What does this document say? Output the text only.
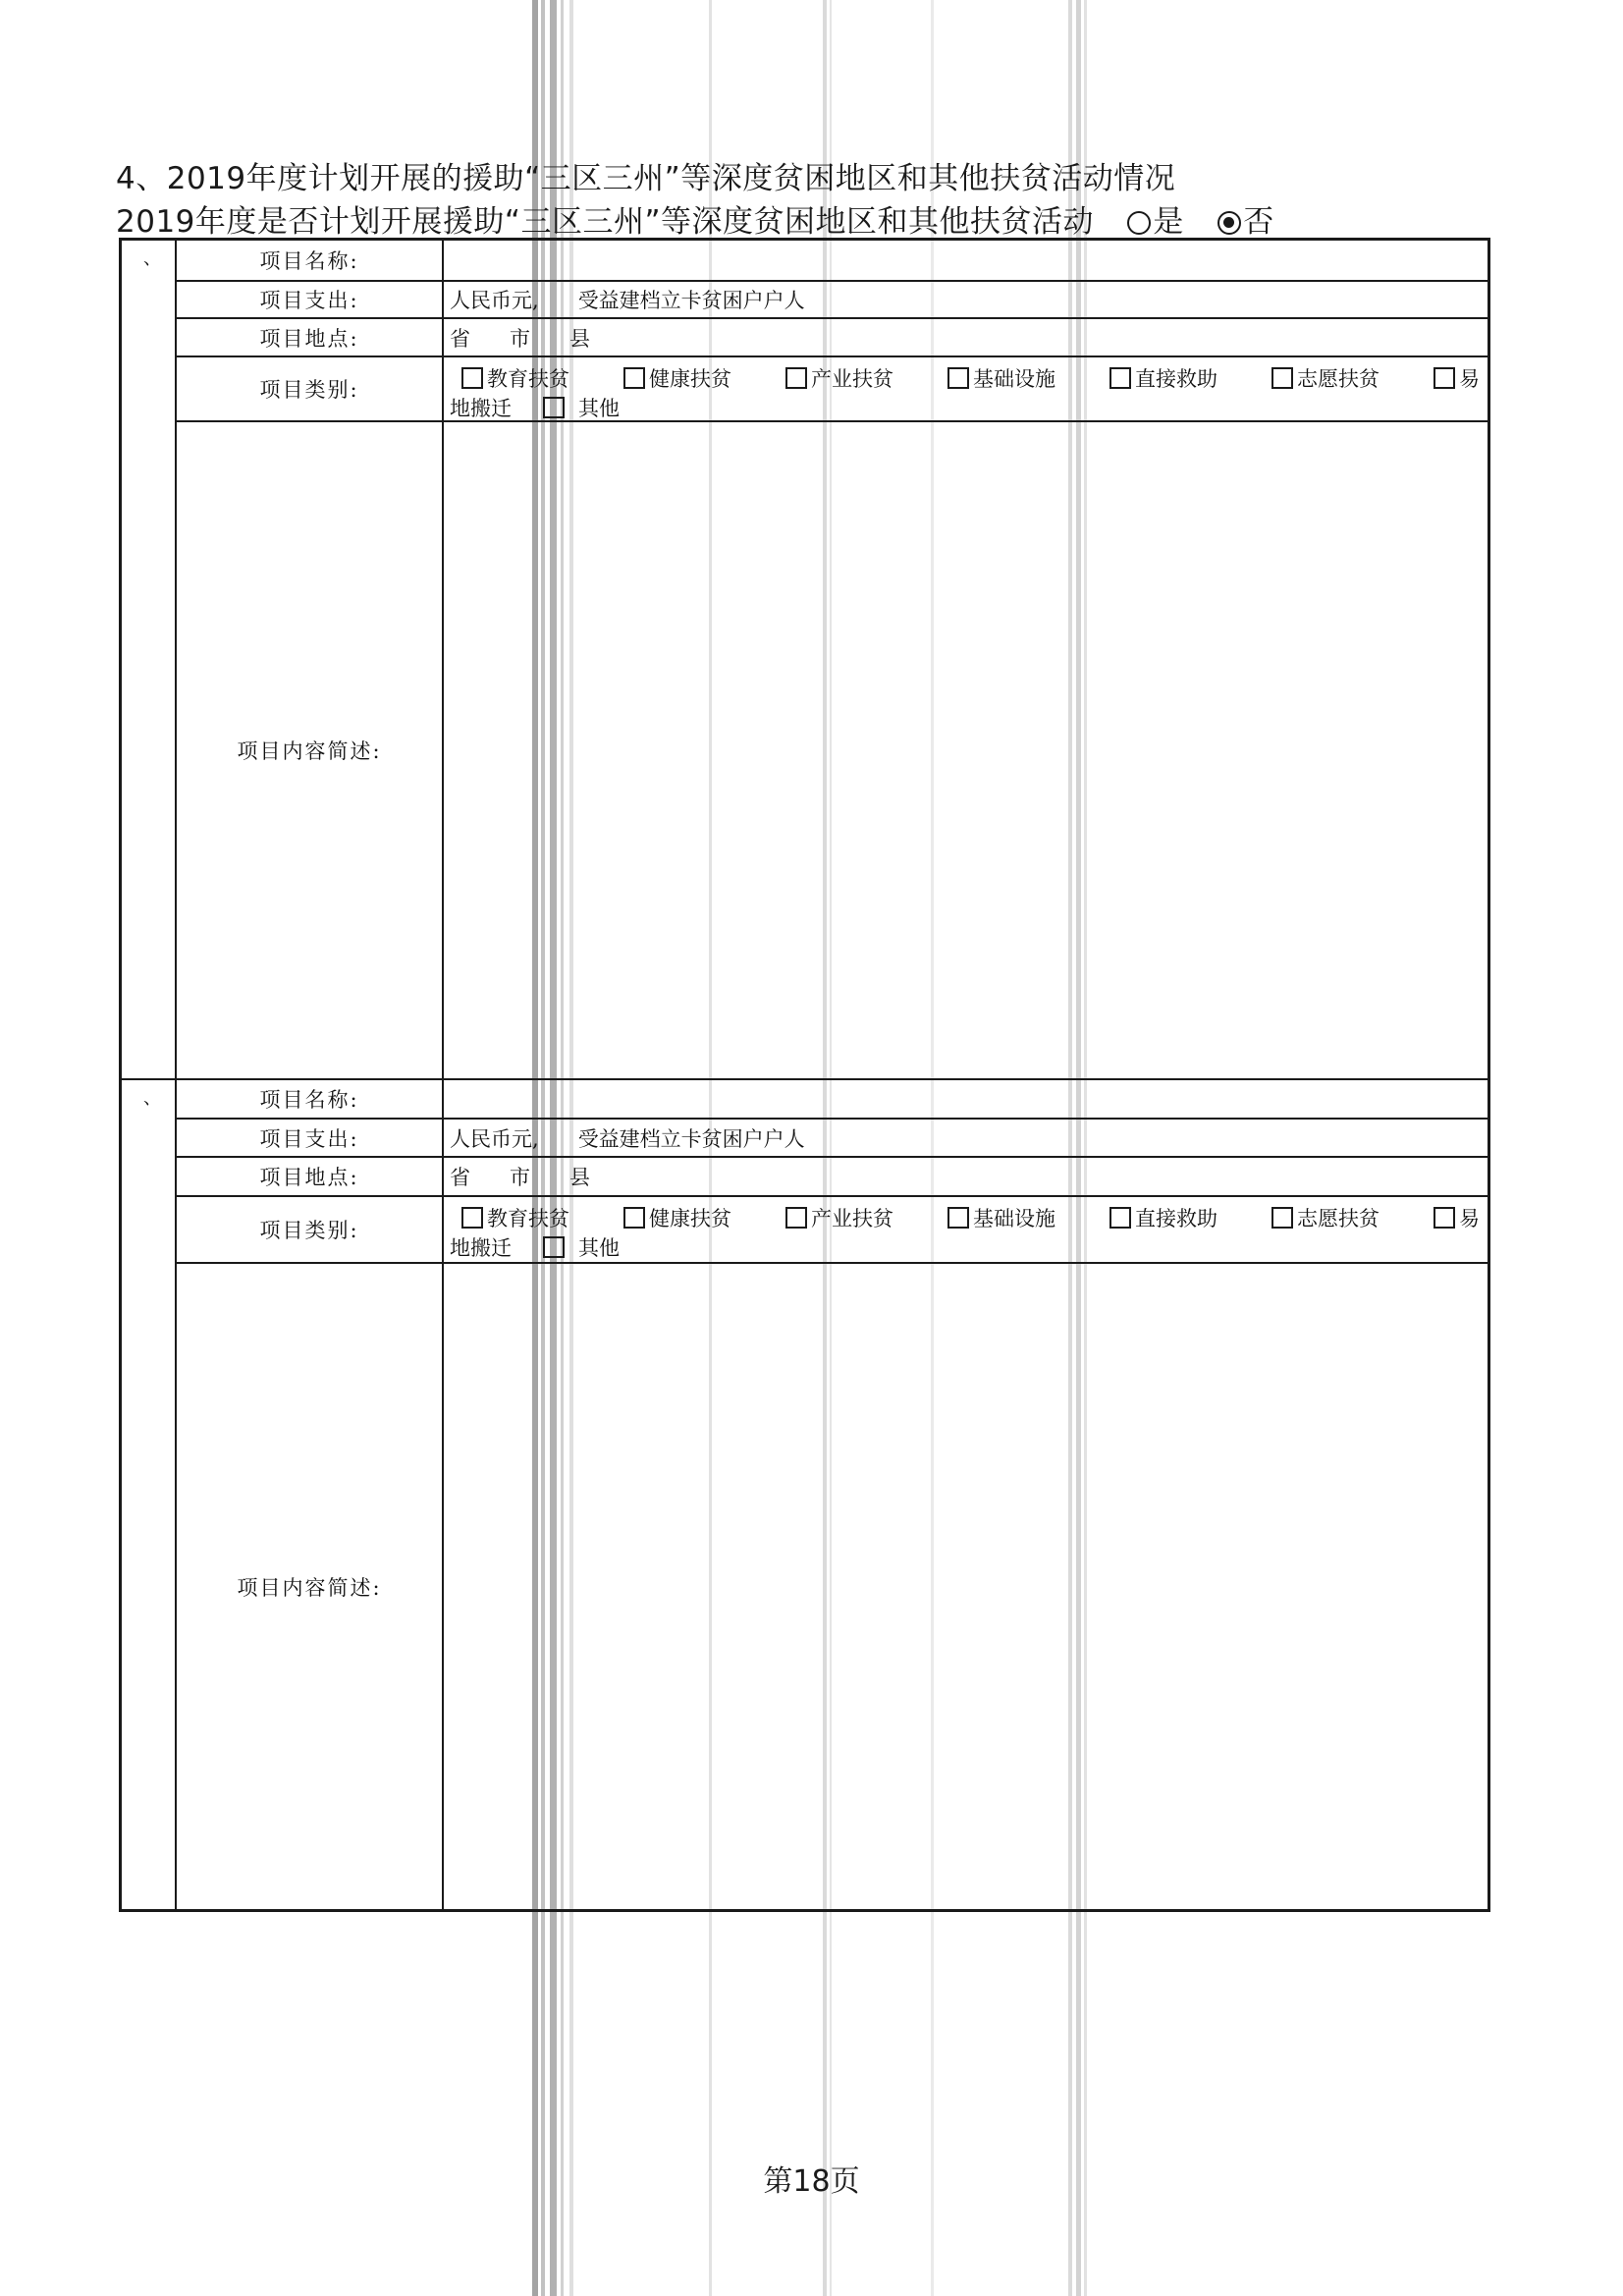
4、2019年度计划开展的援助“三区三州”等深度贫困地区和其他扶贫活动情况
2019年度是否计划开展援助“三区三州”等深度贫困地区和其他扶贫活动 是 否
、	项目名称:
项目支出:	人民币元, 受益建档立卡贫困户户人
项目地点:	省 市 县
项目类别:	教育扶贫	健康扶贫	产业扶贫	基础设施	直接救助	志愿扶贫	易
地搬迁	其他
项目内容简述:
、	项目名称:
项目支出:	人民币元, 受益建档立卡贫困户户人
项目地点:	省 市 县
项目类别:	教育扶贫	健康扶贫	产业扶贫	基础设施	直接救助	志愿扶贫	易
地搬迁	其他
项目内容简述:
第18页
